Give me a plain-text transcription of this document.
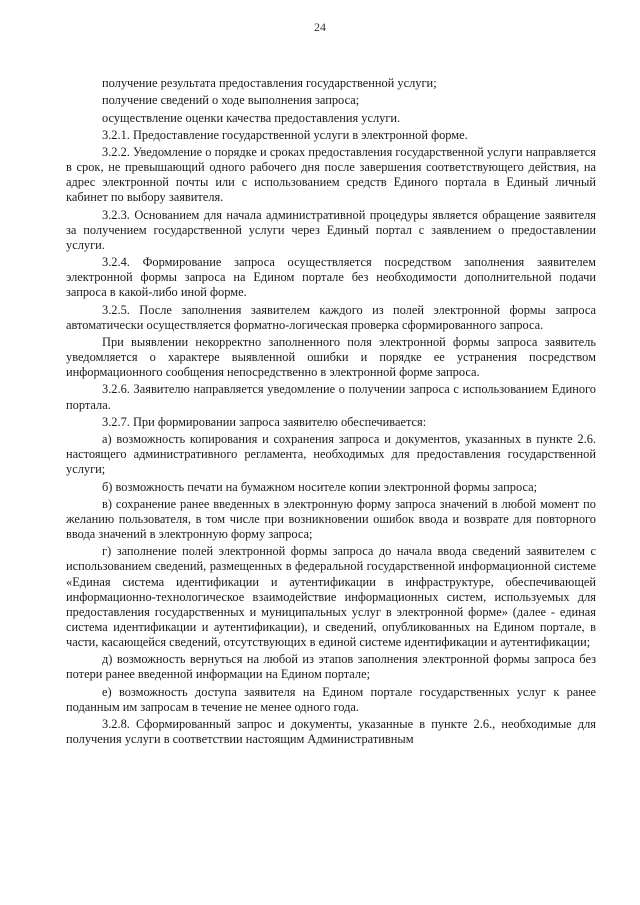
24

получение результата предоставления государственной услуги;

получение сведений о ходе выполнения запроса;

осуществление оценки качества предоставления услуги.

3.2.1. Предоставление государственной услуги в электронной форме.

3.2.2. Уведомление о порядке и сроках предоставления государственной услуги направляется в срок, не превышающий одного рабочего дня после завершения соответствующего действия, на адрес электронной почты или с использованием средств Единого портала в Единый личный кабинет по выбору заявителя.

3.2.3. Основанием для начала административной процедуры является обращение заявителя за получением государственной услуги через Единый портал с заявлением о предоставлении услуги.

3.2.4. Формирование запроса осуществляется посредством заполнения заявителем электронной формы запроса на Едином портале без необходимости дополнительной подачи запроса в какой-либо иной форме.

3.2.5. После заполнения заявителем каждого из полей электронной формы запроса автоматически осуществляется форматно-логическая проверка сформированного запроса.

При выявлении некорректно заполненного поля электронной формы запроса заявитель уведомляется о характере выявленной ошибки и порядке ее устранения посредством информационного сообщения непосредственно в электронной форме запроса.

3.2.6. Заявителю направляется уведомление о получении запроса с использованием Единого портала.

3.2.7. При формировании запроса заявителю обеспечивается:

а) возможность копирования и сохранения запроса и документов, указанных в пункте 2.6. настоящего административного регламента, необходимых для предоставления государственной услуги;

б) возможность печати на бумажном носителе копии электронной формы запроса;

в) сохранение ранее введенных в электронную форму запроса значений в любой момент по желанию пользователя, в том числе при возникновении ошибок ввода и возврате для повторного ввода значений в электронную форму запроса;

г) заполнение полей электронной формы запроса до начала ввода сведений заявителем с использованием сведений, размещенных в федеральной государственной информационной системе «Единая система идентификации и аутентификации в инфраструктуре, обеспечивающей информационно-технологическое взаимодействие информационных систем, используемых для предоставления государственных и муниципальных услуг в электронной форме» (далее - единая система идентификации и аутентификации), и сведений, опубликованных на Едином портале, в части, касающейся сведений, отсутствующих в единой системе идентификации и аутентификации;

д) возможность вернуться на любой из этапов заполнения электронной формы запроса без потери ранее введенной информации на Едином портале;

е) возможность доступа заявителя на Едином портале государственных услуг к ранее поданным им запросам в течение не менее одного года.

3.2.8. Сформированный запрос и документы, указанные в пункте 2.6., необходимые для получения услуги в соответствии настоящим Административным
